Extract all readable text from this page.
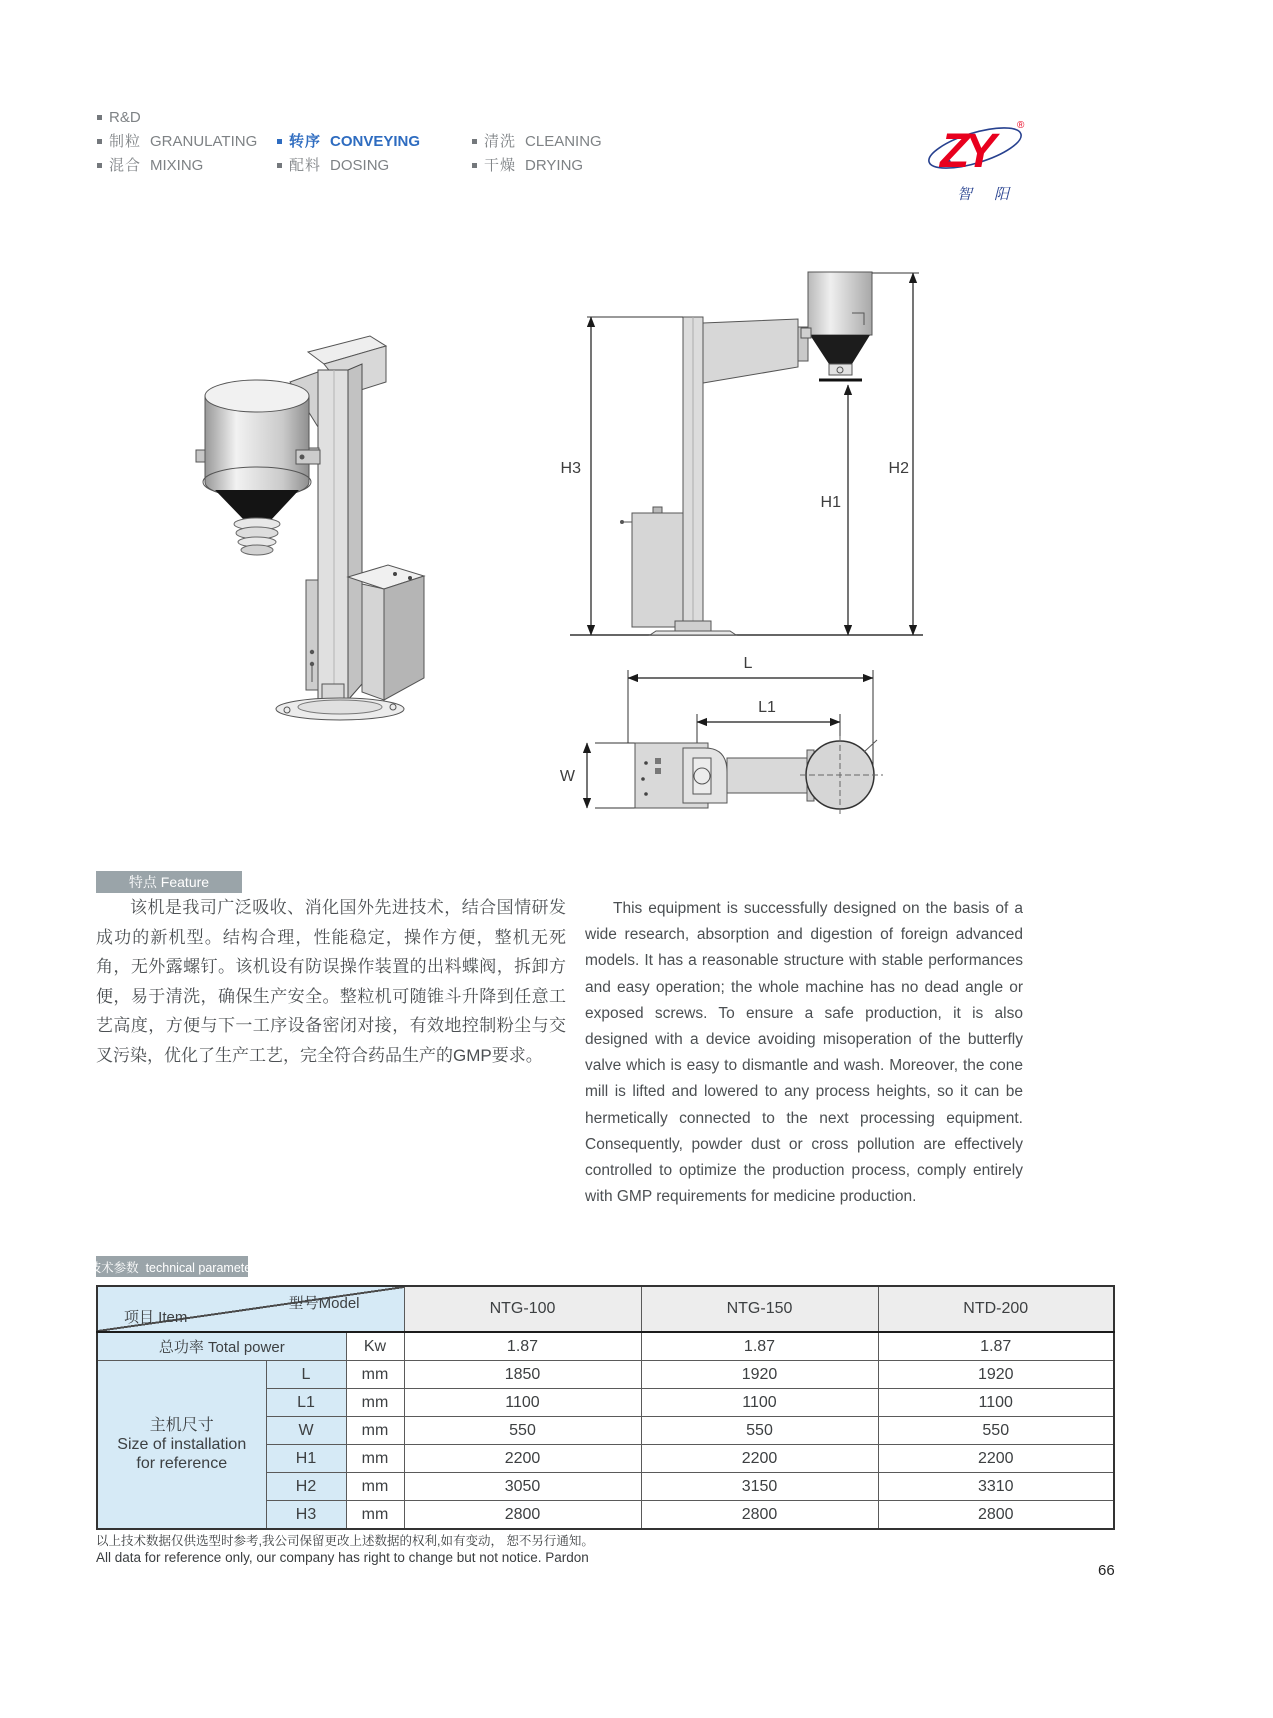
R&D
制粒 GRANULATING
混合 MIXING
转序 CONVEYING
配料 DOSING
清洗 CLEANING
干燥 DRYING	ZY	®
智阳
H3
H1
H2
L
L1
W
特点 Feature
该机是我司广泛吸收、消化国外先进技术，结合国情研发成功的新机型。结构合理，性能稳定，操作方便，整机无死角，无外露螺钉。该机设有防误操作装置的出料蝶阀，拆卸方便，易于清洗，确保生产安全。整粒机可随锥斗升降到任意工艺高度，方便与下一工序设备密闭对接，有效地控制粉尘与交叉污染，优化了生产工艺，完全符合药品生产的GMP要求。
This equipment is successfully designed on the basis of a wide research, absorption and digestion of foreign advanced models. It has a reasonable structure with stable performances and easy operation; the whole machine has no dead angle or exposed screws. To ensure a safe production, it is also designed with a device avoiding misoperation of the butterfly valve which is easy to dismantle and wash. Moreover, the cone mill is lifted and lowered to any process heights, so it can be hermetically connected to the next processing equipment. Consequently, powder dust or cross pollution are effectively controlled to optimize the production process, comply entirely with GMP requirements for medicine production.
技术参数  technical parameter
项目 Item
型号Model			NTG-100	NTG-150	NTD-200
总功率 Total power		Kw	1.87	1.87	1.87

主机尺寸
Size of installation
for reference	L	mm	1850	1920	1920
	L1	mm	1100	1100	1100
	W	mm	550	550	550
	H1	mm	2200	2200	2200
	H2	mm	3050	3150	3310
	H3	mm	2800	2800	2800
以上技术数据仅供选型时参考,我公司保留更改上述数据的权利,如有变动， 恕不另行通知。
All data for reference only, our company has right to change but not notice. Pardon
66
